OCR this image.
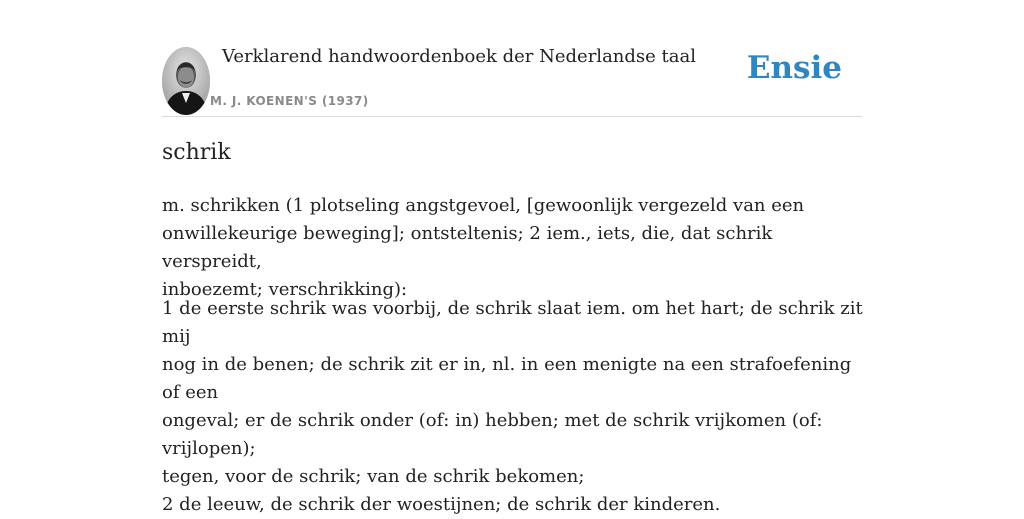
Verklarend handwoordenboek der Nederlandse taal
M. J. KOENEN'S (1937)
Ensie
schrik

m. schrikken (1 plotseling angstgevoel, [gewoonlijk vergezeld van een
onwillekeurige beweging]; ontsteltenis; 2 iem., iets, die, dat schrik verspreidt,
inboezemt; verschrikking):

1 de eerste schrik was voorbij, de schrik slaat iem. om het hart; de schrik zit mij
nog in de benen; de schrik zit er in, nl. in een menigte na een strafoefening of een
ongeval; er de schrik onder (of: in) hebben; met de schrik vrijkomen (of: vrijlopen);
tegen, voor de schrik; van de schrik bekomen;
2 de leeuw, de schrik der woestijnen; de schrik der kinderen.
